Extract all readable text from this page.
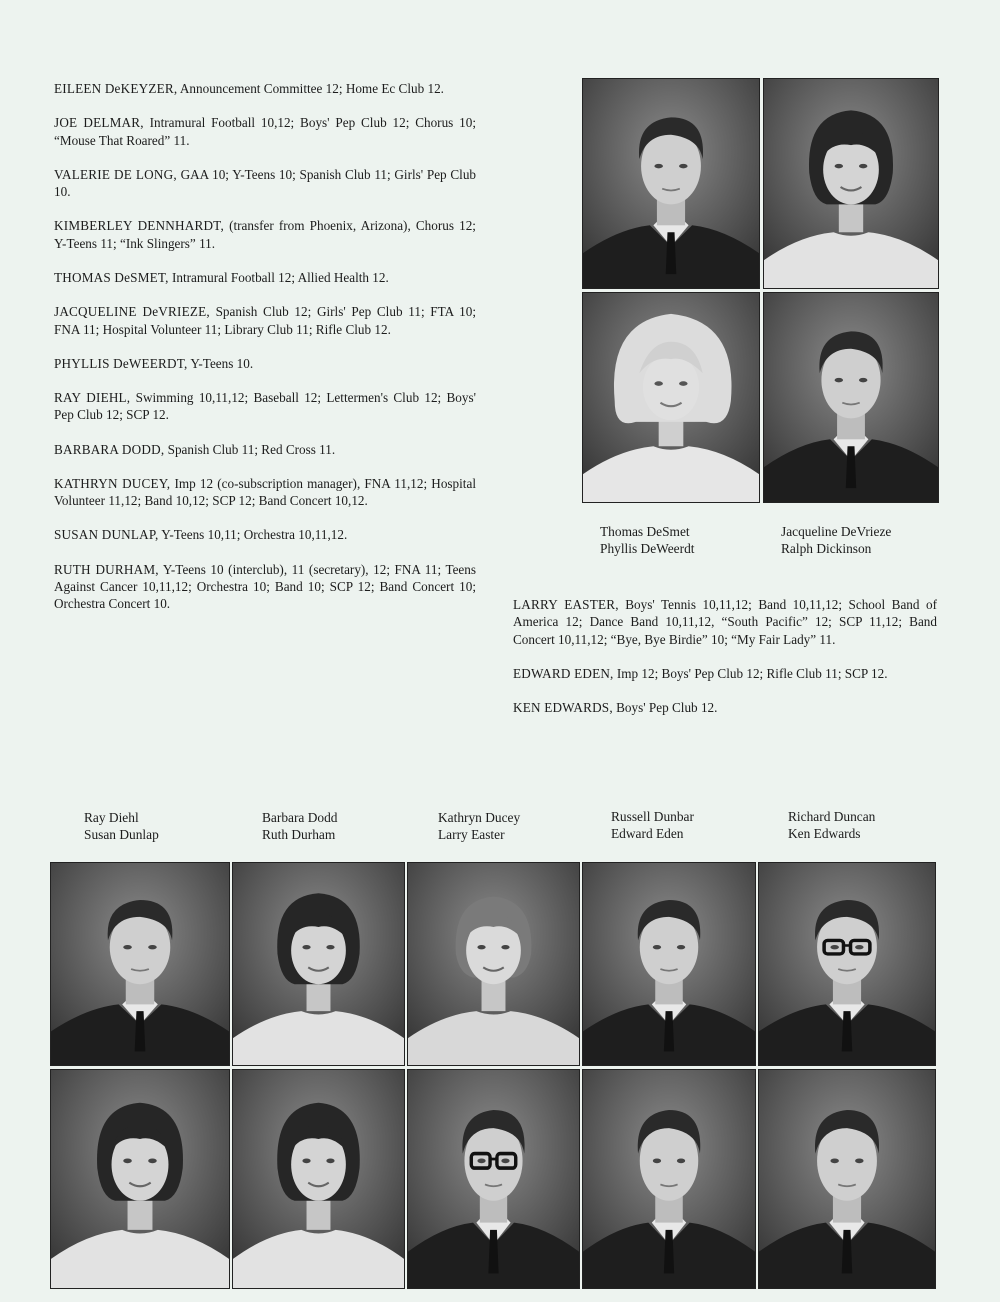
EILEEN DeKEYZER, Announcement Committee 12; Home Ec Club 12.

JOE DELMAR, Intramural Football 10,12; Boys' Pep Club 12; Chorus 10; “Mouse That Roared” 11.

VALERIE DE LONG, GAA 10; Y-Teens 10; Spanish Club 11; Girls' Pep Club 10.

KIMBERLEY DENNHARDT, (transfer from Phoenix, Arizona), Chorus 12; Y-Teens 11; “Ink Slingers” 11.

THOMAS DeSMET, Intramural Football 12; Allied Health 12.

JACQUELINE DeVRIEZE, Spanish Club 12; Girls' Pep Club 11; FTA 10; FNA 11; Hospital Volunteer 11; Library Club 11; Rifle Club 12.

PHYLLIS DeWEERDT, Y-Teens 10.

RAY DIEHL, Swimming 10,11,12; Baseball 12; Lettermen's Club 12; Boys' Pep Club 12; SCP 12.

BARBARA DODD, Spanish Club 11; Red Cross 11.

KATHRYN DUCEY, Imp 12 (co-subscription manager), FNA 11,12; Hospital Volunteer 11,12; Band 10,12; SCP 12; Band Concert 10,12.

SUSAN DUNLAP, Y-Teens 10,11; Orchestra 10,11,12.

RUTH DURHAM, Y-Teens 10 (interclub), 11 (secretary), 12; FNA 11; Teens Against Cancer 10,11,12; Orchestra 10; Band 10; SCP 12; Band Concert 10; Orchestra Concert 10.

Thomas DeSmet
Phyllis DeWeerdt
Jacqueline DeVrieze
Ralph Dickinson

LARRY EASTER, Boys' Tennis 10,11,12; Band 10,11,12; School Band of America 12; Dance Band 10,11,12, “South Pacific” 12; SCP 11,12; Band Concert 10,11,12; “Bye, Bye Birdie” 10; “My Fair Lady” 11.

EDWARD EDEN, Imp 12; Boys' Pep Club 12; Rifle Club 11; SCP 12.

KEN EDWARDS, Boys' Pep Club 12.

Ray Diehl
Susan Dunlap
Barbara Dodd
Ruth Durham
Kathryn Ducey
Larry Easter
Russell Dunbar
Edward Eden
Richard Duncan
Ken Edwards
